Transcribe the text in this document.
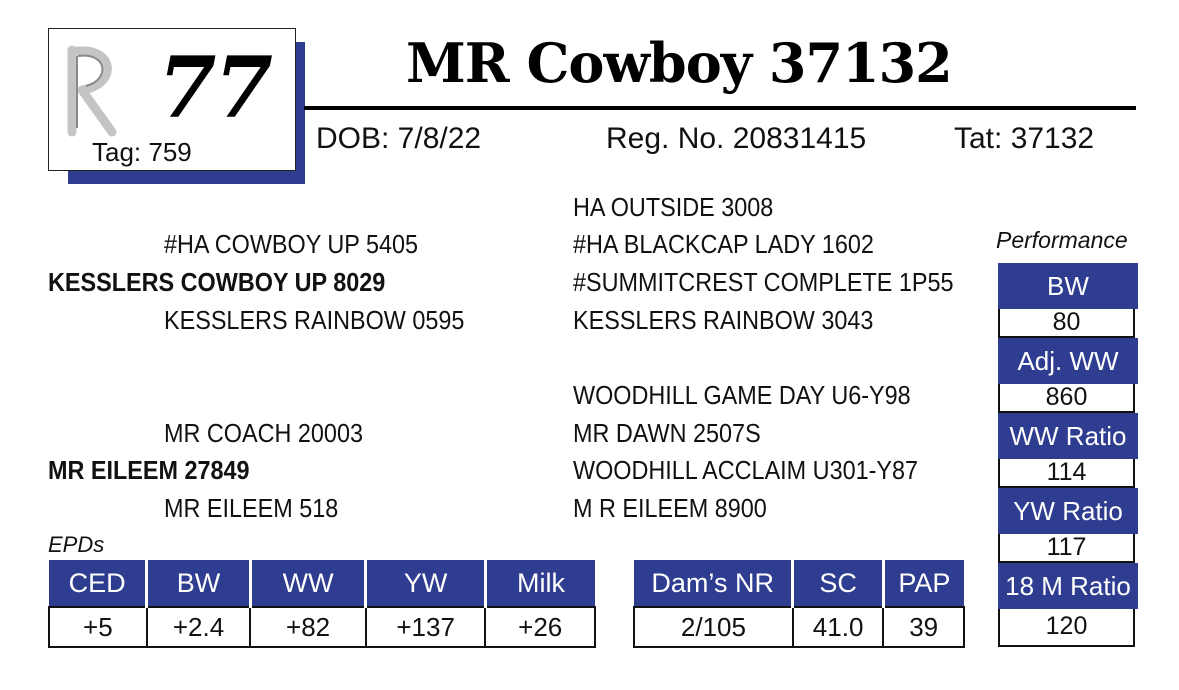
77
Tag: 759
MR Cowboy 37132
DOB: 7/8/22	Reg. No. 20831415	Tat: 37132
HA OUTSIDE 3008
#HA COWBOY UP 5405	#HA BLACKCAP LADY 1602
KESSLERS COWBOY UP 8029	#SUMMITCREST COMPLETE 1P55
KESSLERS RAINBOW 0595	KESSLERS RAINBOW 3043
WOODHILL GAME DAY U6-Y98
MR COACH 20003	MR DAWN 2507S
MR EILEEM 27849	WOODHILL ACCLAIM U301-Y87
MR EILEEM 518	M R EILEEM 8900
Performance
BW
80
Adj. WW
860
WW Ratio
114
YW Ratio
117
18 M Ratio
120
EPDs
CED	BW	WW	YW	Milk
+5	+2.4	+82	+137	+26
Dam’s NR	SC	PAP
2/105	41.0	39
